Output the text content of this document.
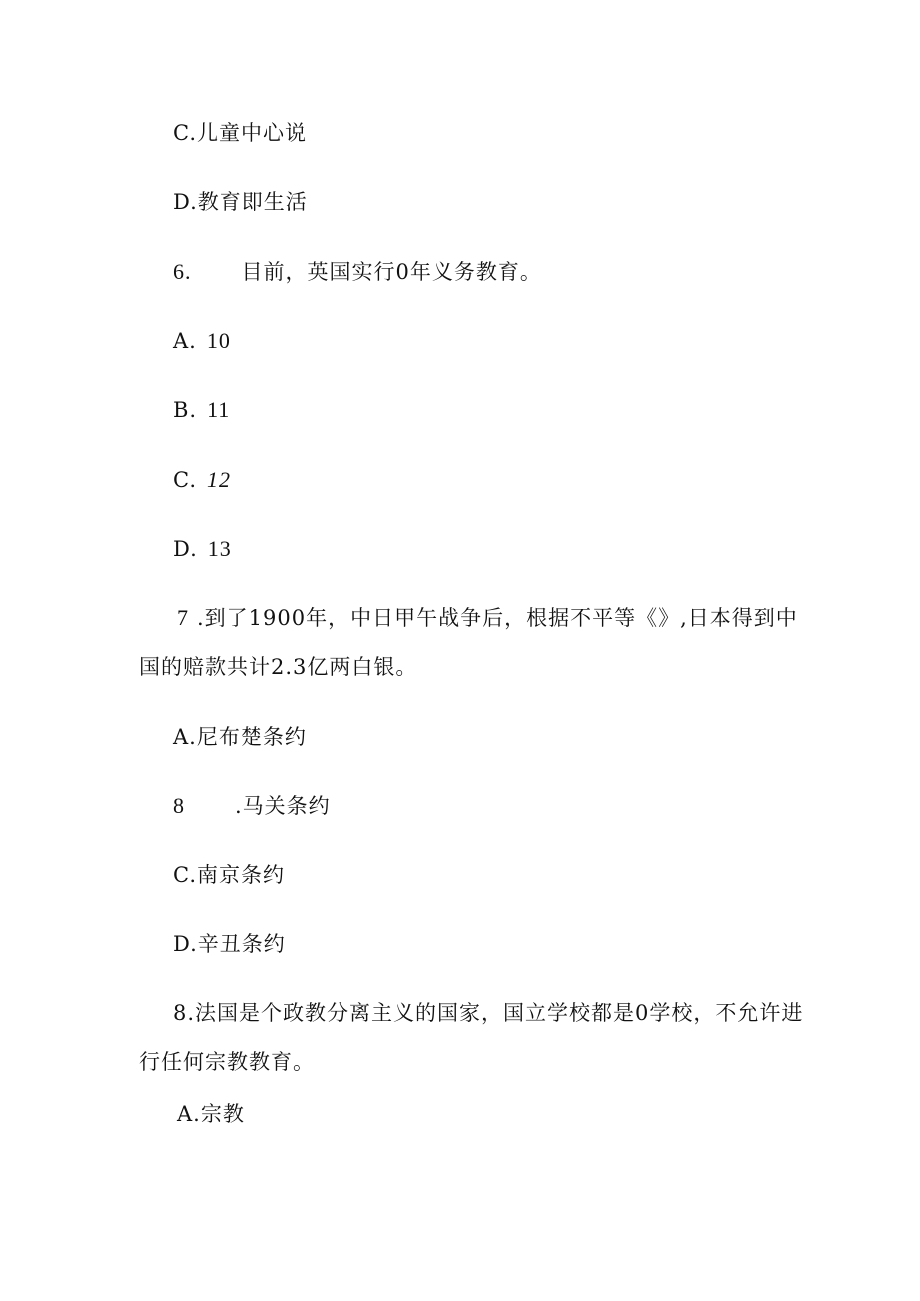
C.儿童中心说
D.教育即生活
6. 目前，英国实行0年义务教育。
A. 10
B. 11
C. 12
D. 13
7 .到了1900年，中日甲午战争后，根据不平等《》,日本得到中
国的赔款共计2.3亿两白银。
A.尼布楚条约
8 .马关条约
C.南京条约
D.辛丑条约
8.法国是个政教分离主义的国家，国立学校都是0学校，不允许进
行任何宗教教育。
A.宗教
